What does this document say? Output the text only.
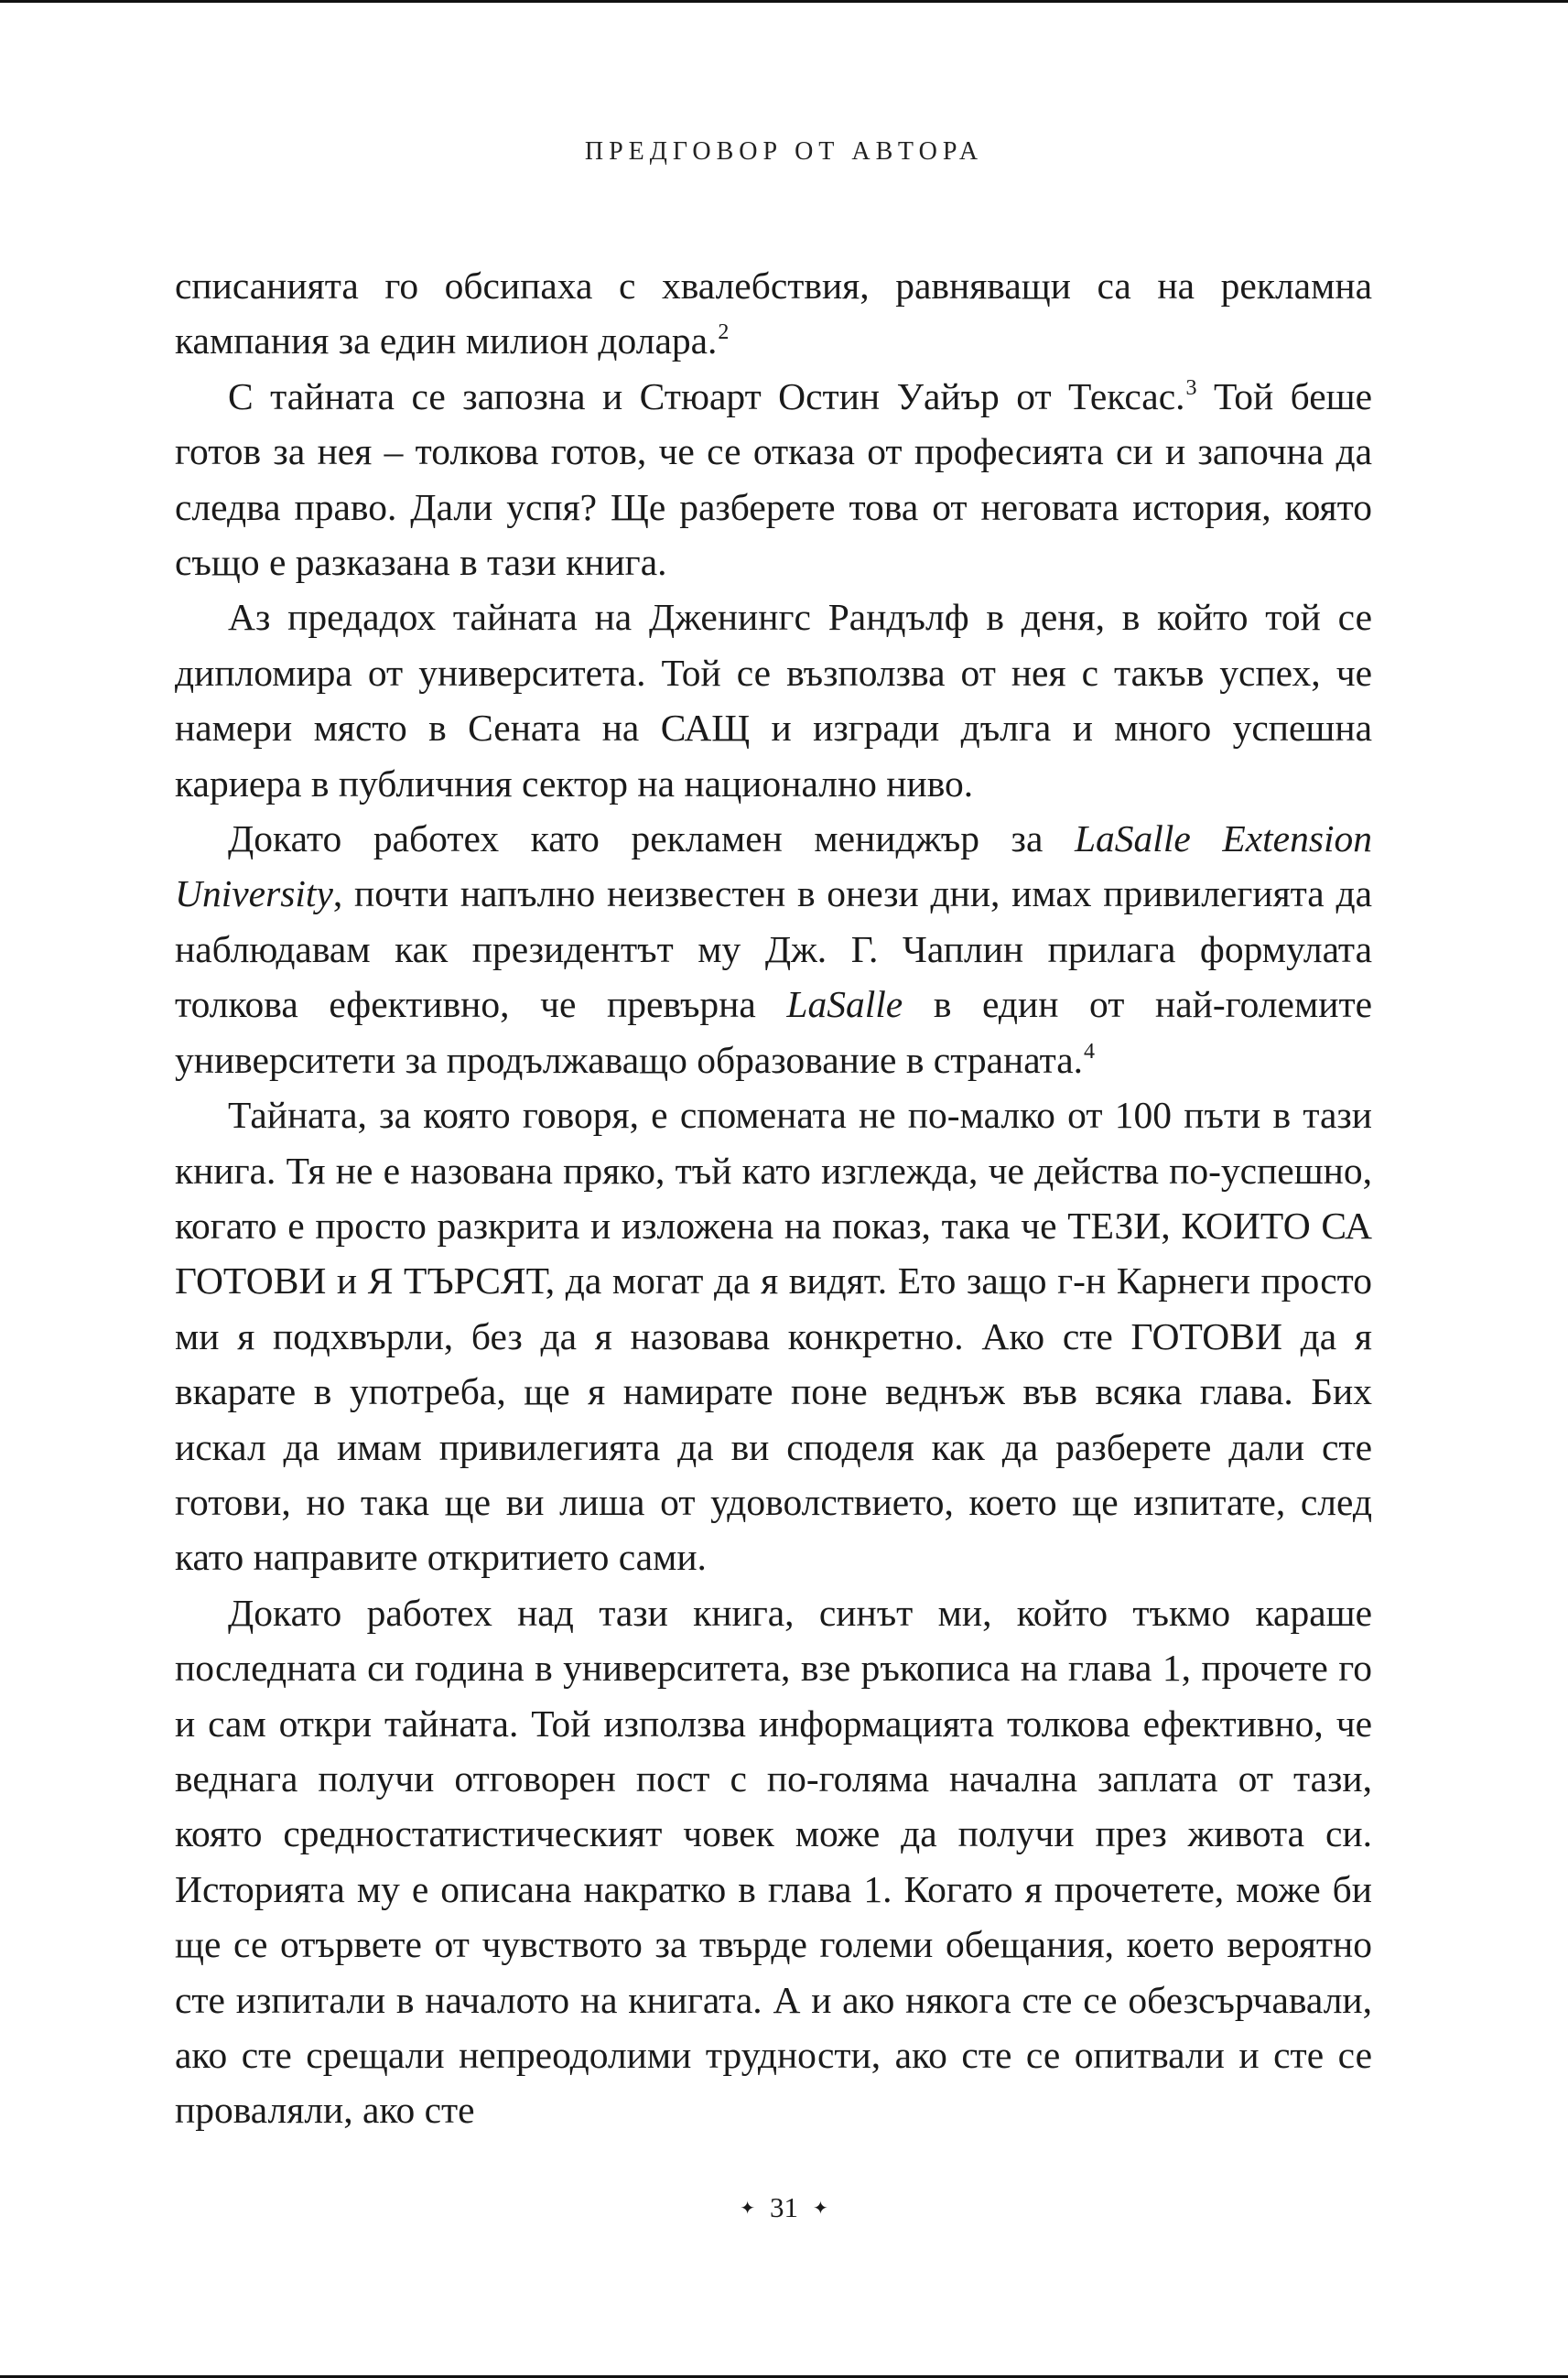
ПРЕДГОВОР ОТ АВТОРА

списанията го обсипаха с хвалебствия, равняващи са на рекламна кампания за един милион долара.$^2$

С тайната се запозна и Стюарт Остин Уайър от Тексас.$^3$ Той беше готов за нея – толкова готов, че се отказа от професията си и започна да следва право. Дали успя? Ще разберете това от неговата история, която също е разказана в тази книга.

Аз предадох тайната на Дженингс Рандълф в деня, в който той се дипломира от университета. Той се възползва от нея с такъв успех, че намери място в Сената на САЩ и изгради дълга и много успешна кариера в публичния сектор на национално ниво.

Докато работех като рекламен мениджър за LaSalle Extension University, почти напълно неизвестен в онези дни, имах привилегията да наблюдавам как президентът му Дж. Г. Чаплин прилага формулата толкова ефективно, че превърна LaSalle в един от най-големите университети за продължаващо образование в страната.$^4$

Тайната, за която говоря, е спомената не по-малко от 100 пъти в тази книга. Тя не е назована пряко, тъй като изглежда, че действа по-успешно, когато е просто разкрита и изложена на показ, така че ТЕЗИ, КОИТО СА ГОТОВИ и Я ТЪРСЯТ, да могат да я видят. Ето защо г-н Карнеги просто ми я подхвърли, без да я назовава конкретно. Ако сте ГОТОВИ да я вкарате в употреба, ще я намирате поне веднъж във всяка глава. Бих искал да имам привилегията да ви споделя как да разберете дали сте готови, но така ще ви лиша от удоволствието, което ще изпитате, след като направите откритието сами.

Докато работех над тази книга, синът ми, който тъкмо караше последната си година в университета, взе ръкописа на глава 1, прочете го и сам откри тайната. Той използва информацията толкова ефективно, че веднага получи отговорен пост с по-голяма начална заплата от тази, която средностатистическият човек може да получи през живота си. Историята му е описана накратко в глава 1. Когато я прочетете, може би ще се отървете от чувството за твърде големи обещания, което вероятно сте изпитали в началото на книгата. А и ако някога сте се обезсърчавали, ако сте срещали непреодолими трудности, ако сте се опитвали и сте се проваляли, ако сте

✦ 31 ✦
